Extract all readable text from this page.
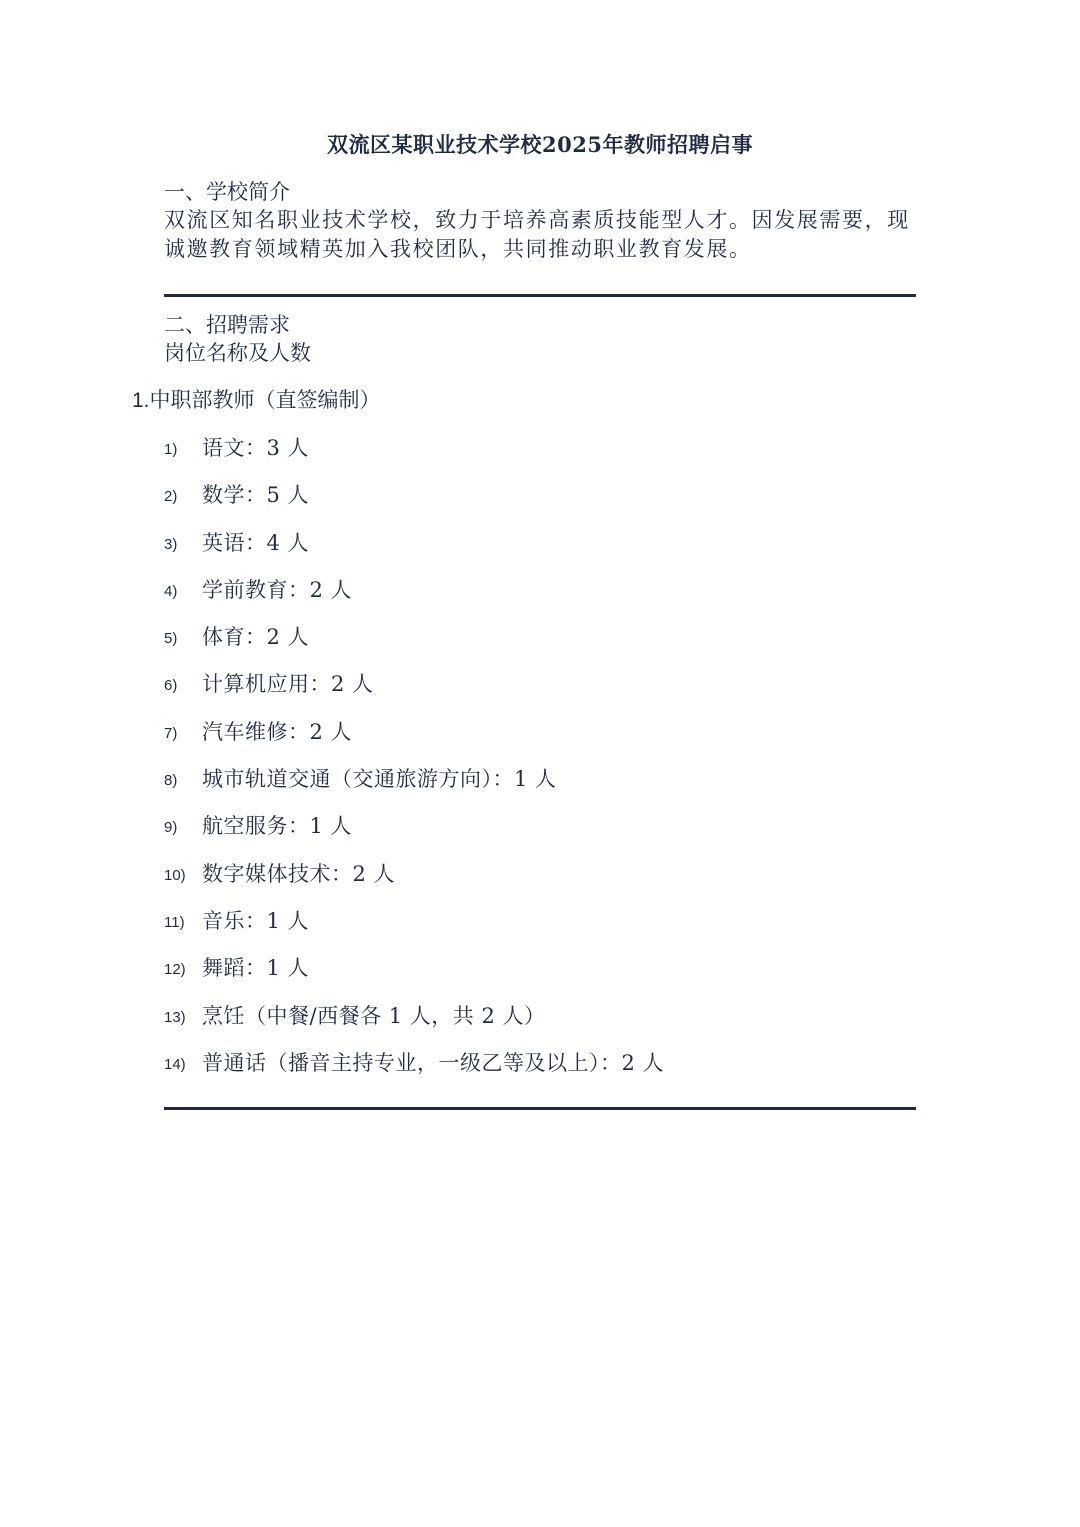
双流区某职业技术学校2025年教师招聘启事
一、学校简介
双流区知名职业技术学校，致力于培养高素质技能型人才。因发展需要，现诚邀教育领域精英加入我校团队，共同推动职业教育发展。
二、招聘需求
岗位名称及人数
1.中职部教师（直签编制）
1) 语文：3 人
2) 数学：5 人
3) 英语：4 人
4) 学前教育：2 人
5) 体育：2 人
6) 计算机应用：2 人
7) 汽车维修：2 人
8) 城市轨道交通（交通旅游方向）：1 人
9) 航空服务：1 人
10) 数字媒体技术：2 人
11) 音乐：1 人
12) 舞蹈：1 人
13) 烹饪（中餐/西餐各 1 人，共 2 人）
14) 普通话（播音主持专业，一级乙等及以上）：2 人
